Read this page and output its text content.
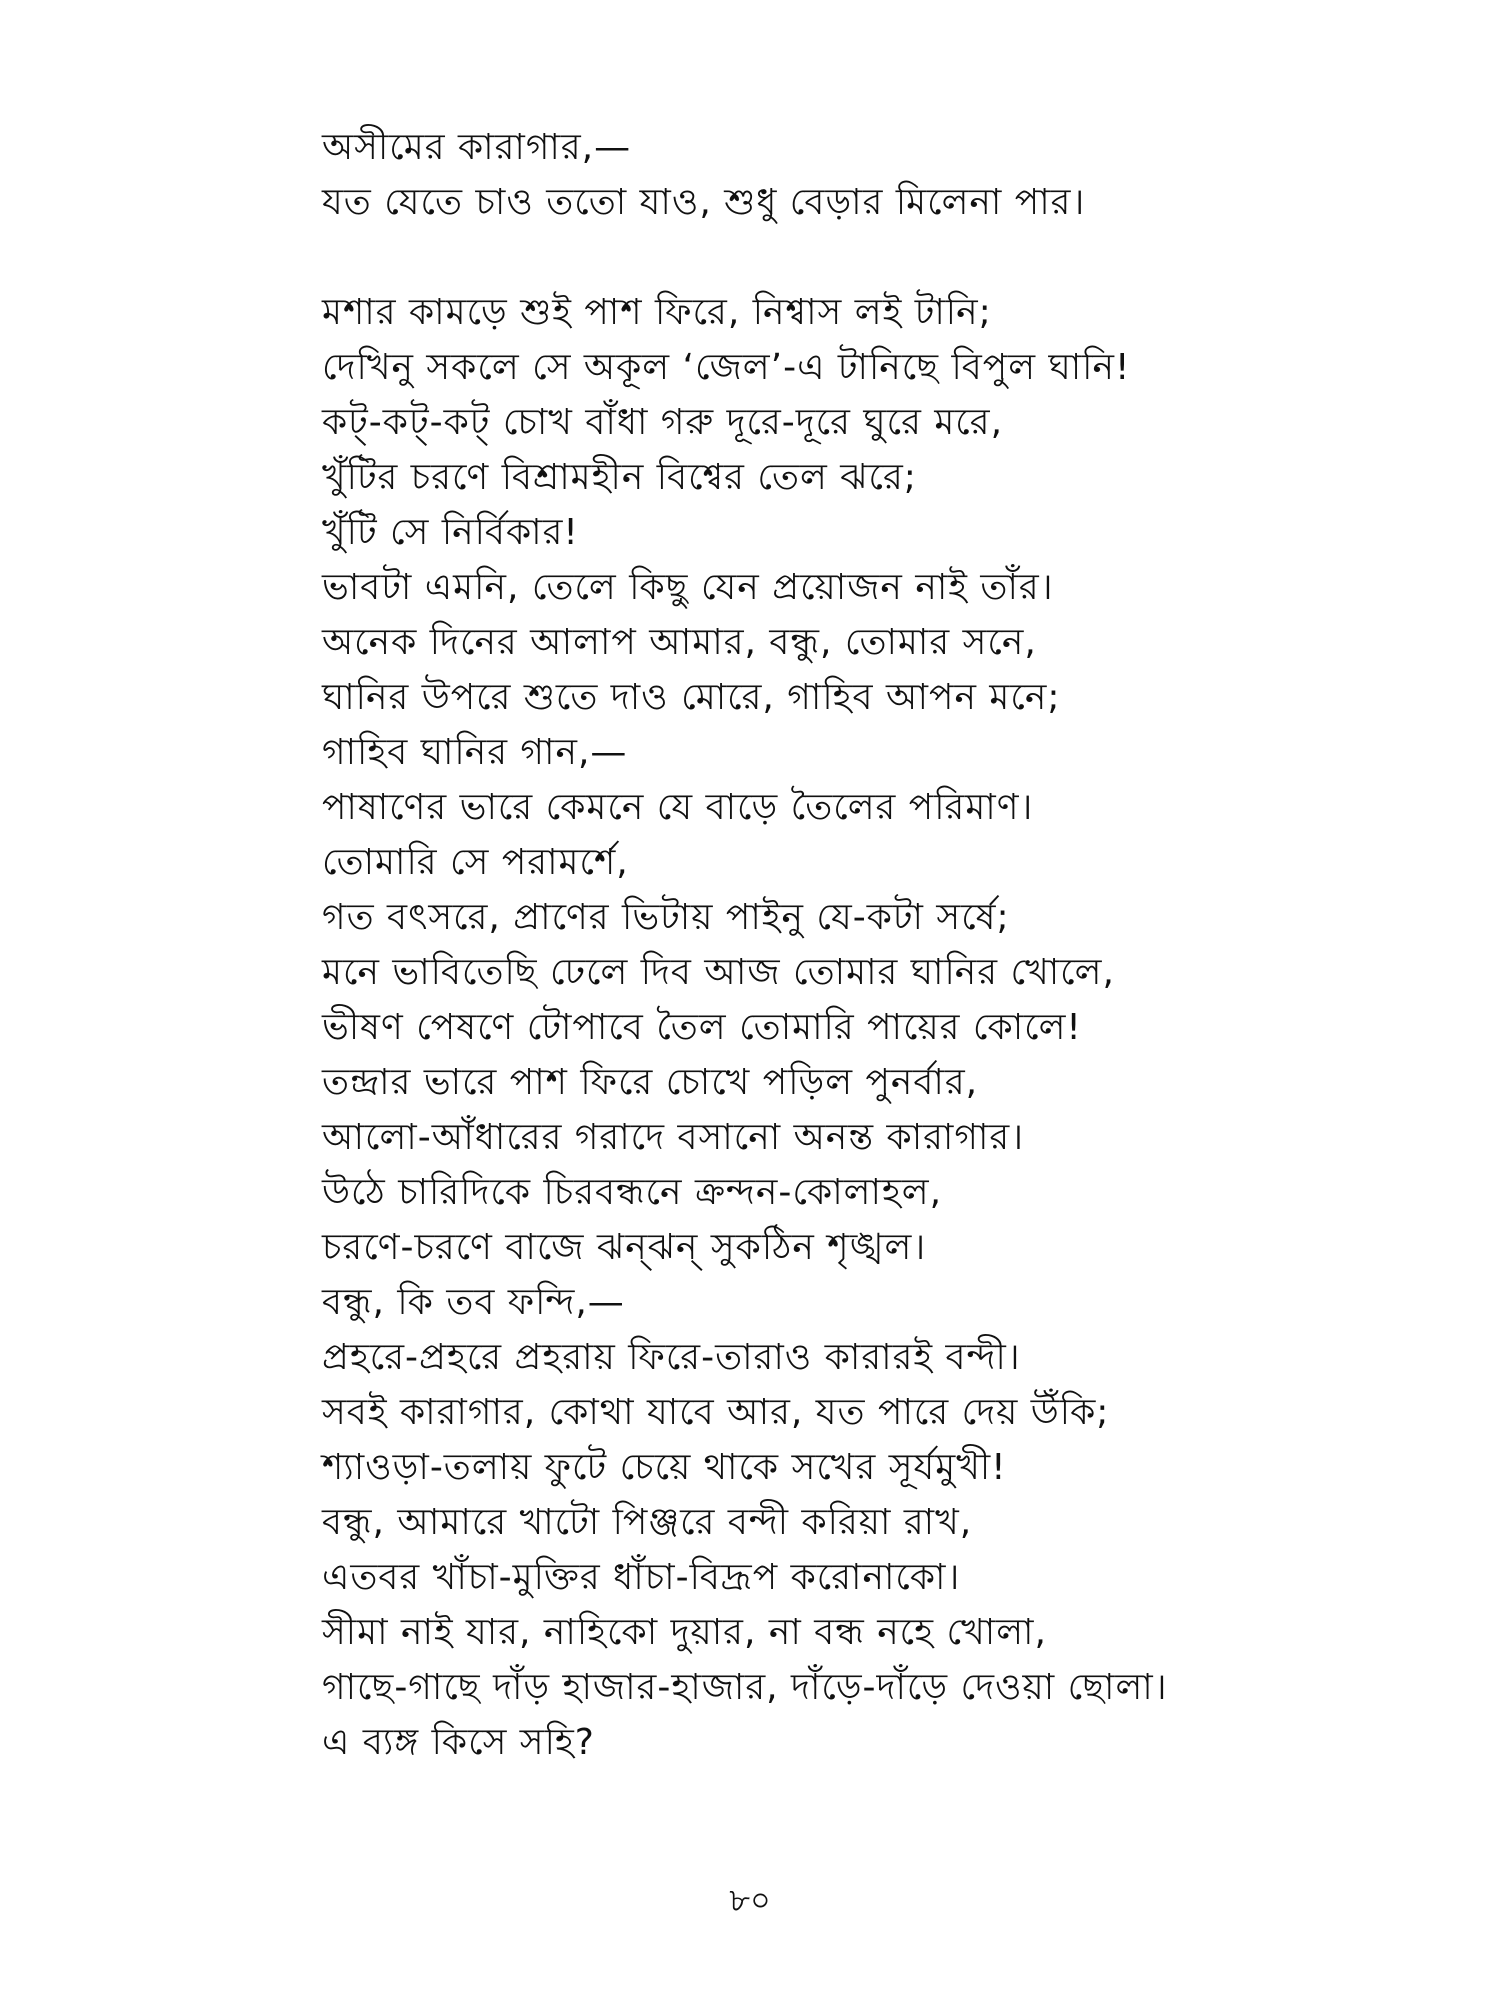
অসীমের কারাগার,—
যত যেতে চাও ততো যাও, শুধু বেড়ার মিলেনা পার।
মশার কামড়ে শুই পাশ ফিরে, নিশ্বাস লই টানি;
দেখিনু সকলে সে অকূল ‘জেল’-এ টানিছে বিপুল ঘানি!
কট্-কট্-কট্ চোখ বাঁধা গরু দূরে-দূরে ঘুরে মরে,
খুঁটির চরণে বিশ্রামহীন বিশ্বের তেল ঝরে;
খুঁটি সে নির্বিকার!
ভাবটা এমনি, তেলে কিছু যেন প্রয়োজন নাই তাঁর।
অনেক দিনের আলাপ আমার, বন্ধু, তোমার সনে,
ঘানির উপরে শুতে দাও মোরে, গাহিব আপন মনে;
গাহিব ঘানির গান,—
পাষাণের ভারে কেমনে যে বাড়ে তৈলের পরিমাণ।
তোমারি সে পরামর্শে,
গত বৎসরে, প্রাণের ভিটায় পাইনু যে-কটা সর্ষে;
মনে ভাবিতেছি ঢেলে দিব আজ তোমার ঘানির খোলে,
ভীষণ পেষণে টোপাবে তৈল তোমারি পায়ের কোলে!
তন্দ্রার ভারে পাশ ফিরে চোখে পড়িল পুনর্বার,
আলো-আঁধারের গরাদে বসানো অনন্ত কারাগার।
উঠে চারিদিকে চিরবন্ধনে ক্রন্দন-কোলাহল,
চরণে-চরণে বাজে ঝন্ঝন্ সুকঠিন শৃঙ্খল।
বন্ধু, কি তব ফন্দি,—
প্রহরে-প্রহরে প্রহরায় ফিরে-তারাও কারারই বন্দী।
সবই কারাগার, কোথা যাবে আর, যত পারে দেয় উঁকি;
শ্যাওড়া-তলায় ফুটে চেয়ে থাকে সখের সূর্যমুখী!
বন্ধু, আমারে খাটো পিঞ্জরে বন্দী করিয়া রাখ,
এতবর খাঁচা-মুক্তির ধাঁচা-বিদ্রূপ করোনাকো।
সীমা নাই যার, নাহিকো দুয়ার, না বন্ধ নহে খোলা,
গাছে-গাছে দাঁড় হাজার-হাজার, দাঁড়ে-দাঁড়ে দেওয়া ছোলা।
এ ব্যঙ্গ কিসে সহি?
৮০
